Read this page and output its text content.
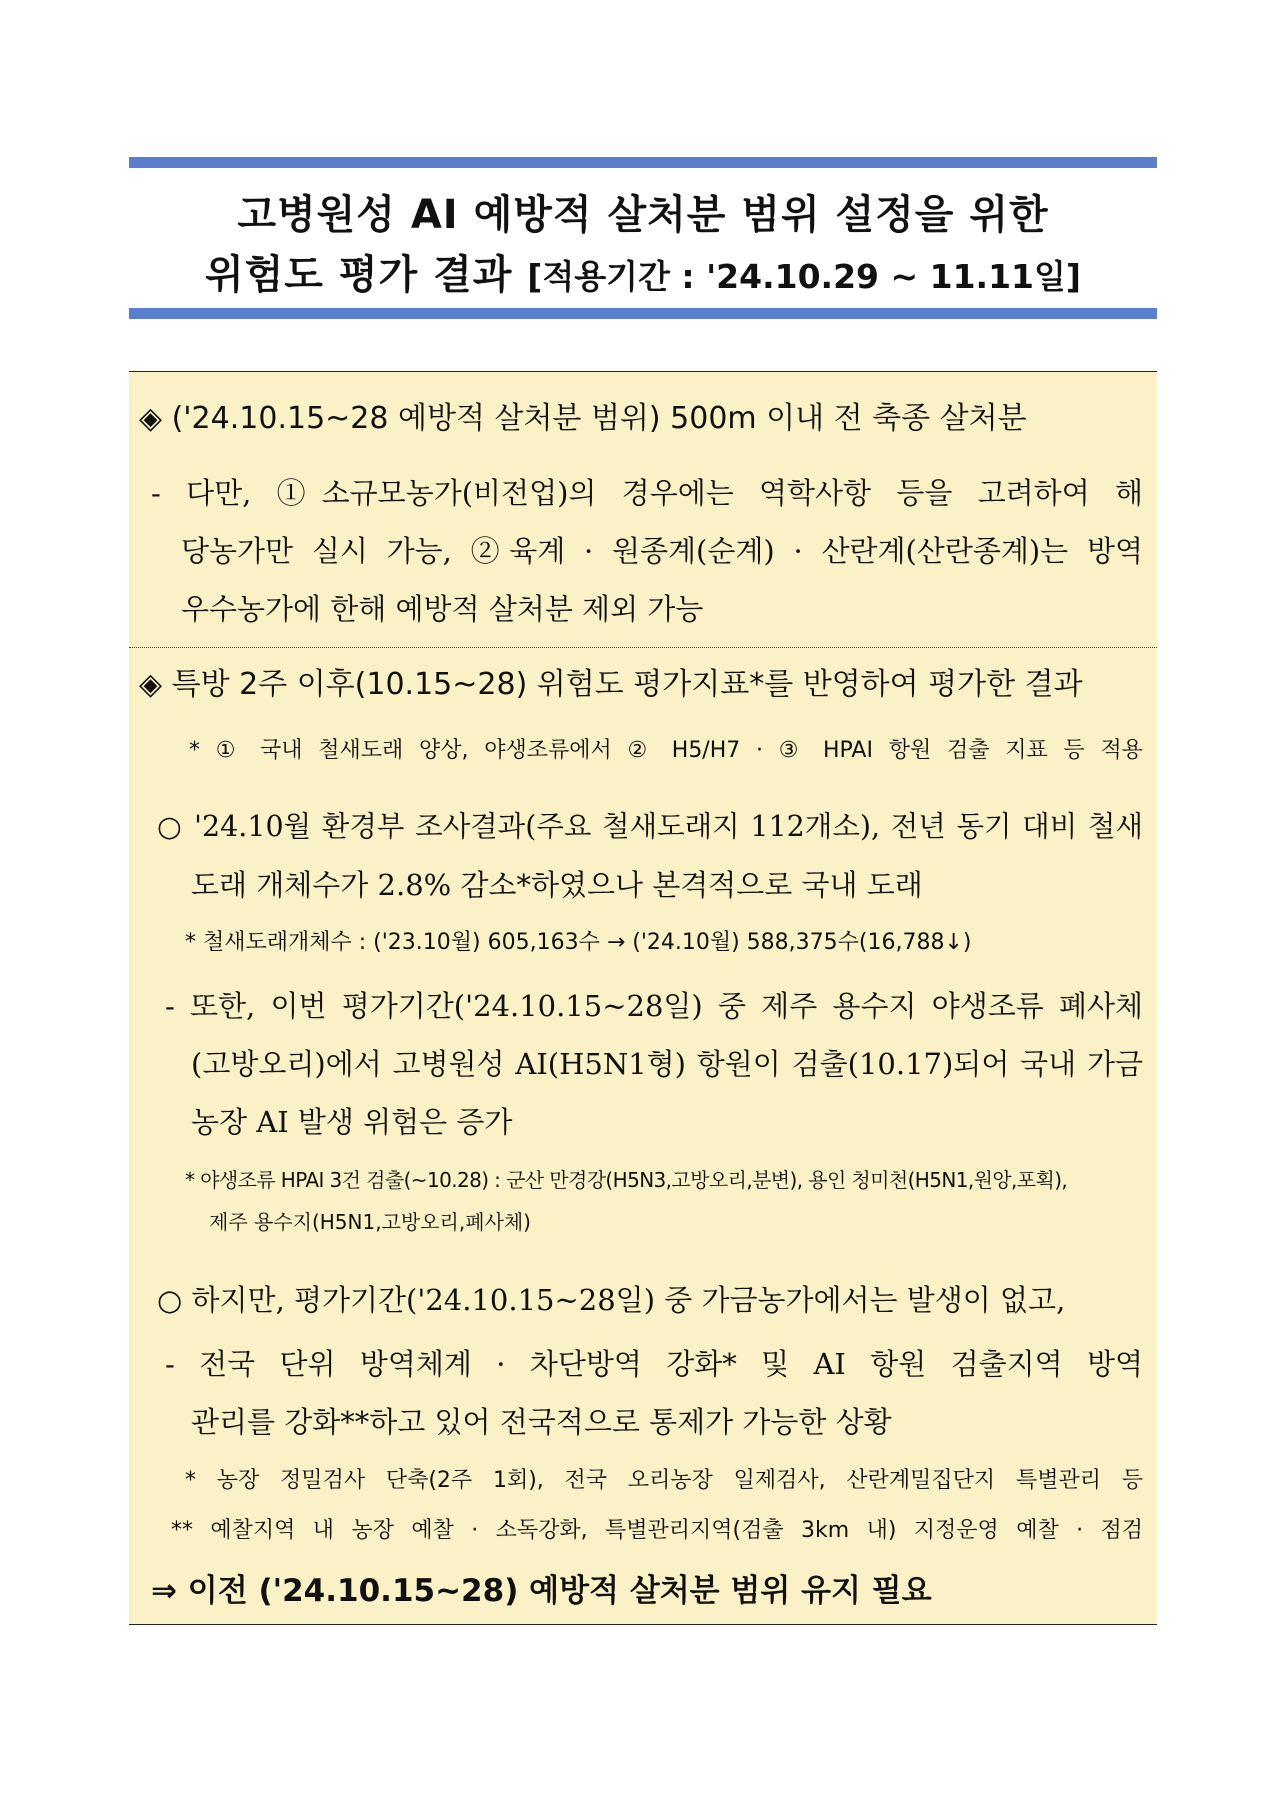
고병원성 AI 예방적 살처분 범위 설정을 위한
위험도 평가 결과 [적용기간 : '24.10.29 ~ 11.11일]
◈ ('24.10.15~28 예방적 살처분 범위) 500m 이내 전 축종 살처분
- 다만, ①소규모농가(비전업)의 경우에는 역학사항 등을 고려하여 해
당농가만 실시 가능, ②육계 · 원종계(순계) · 산란계(산란종계)는 방역
우수농가에 한해 예방적 살처분 제외 가능
◈ 특방 2주 이후(10.15~28) 위험도 평가지표*를 반영하여 평가한 결과
* ① 국내 철새도래 양상, 야생조류에서 ② H5/H7 · ③ HPAI 항원 검출 지표 등 적용
○ '24.10월 환경부 조사결과(주요 철새도래지 112개소), 전년 동기 대비 철새
도래 개체수가 2.8% 감소*하였으나 본격적으로 국내 도래
* 철새도래개체수 : ('23.10월) 605,163수 → ('24.10월) 588,375수(16,788↓)
- 또한, 이번 평가기간('24.10.15~28일) 중 제주 용수지 야생조류 폐사체
(고방오리)에서 고병원성 AI(H5N1형) 항원이 검출(10.17)되어 국내 가금
농장 AI 발생 위험은 증가
* 야생조류 HPAI 3건 검출(~10.28) : 군산 만경강(H5N3,고방오리,분변), 용인 청미천(H5N1,원앙,포획),
제주 용수지(H5N1,고방오리,폐사체)
○ 하지만, 평가기간('24.10.15~28일) 중 가금농가에서는 발생이 없고,
- 전국 단위 방역체계 · 차단방역 강화* 및 AI 항원 검출지역 방역
관리를 강화**하고 있어 전국적으로 통제가 가능한 상황
* 농장 정밀검사 단축(2주 1회), 전국 오리농장 일제검사, 산란계밀집단지 특별관리 등
** 예찰지역 내 농장 예찰 · 소독강화, 특별관리지역(검출 3km 내) 지정운영 예찰 · 점검
⇒ 이전 ('24.10.15~28) 예방적 살처분 범위 유지 필요
